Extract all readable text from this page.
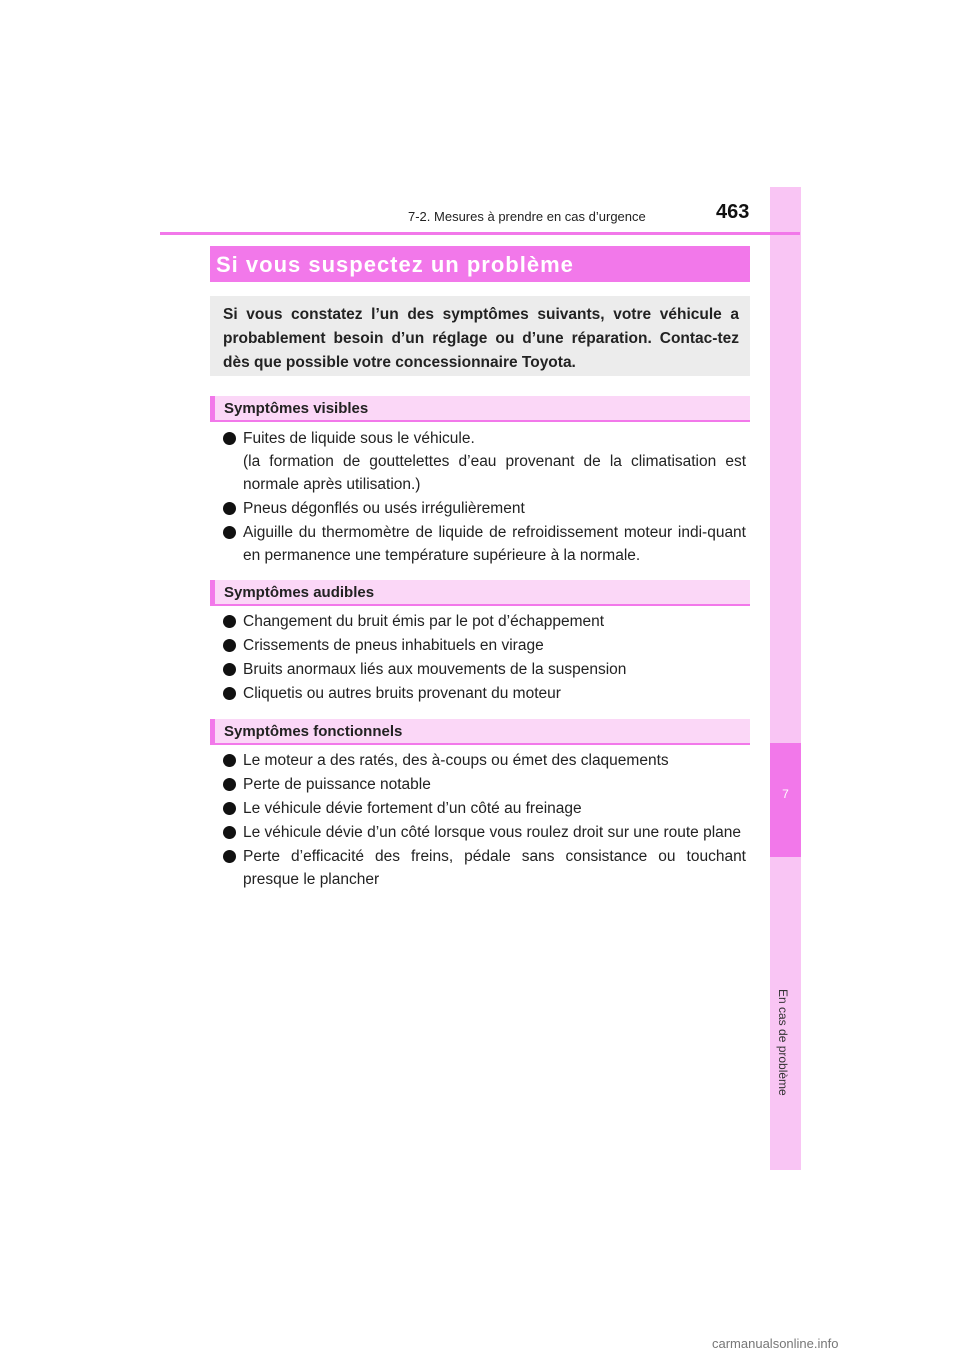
7
En cas de problème
7-2. Mesures à prendre en cas d’urgence	463
Si vous suspectez un problème

Si vous constatez l’un des symptômes suivants, votre véhicule a probablement besoin d’un réglage ou d’une réparation. Contac-tez dès que possible votre concessionnaire Toyota.

Symptômes visibles
Fuites de liquide sous le véhicule.
(la formation de gouttelettes d’eau provenant de la climatisation est normale après utilisation.)
Pneus dégonflés ou usés irrégulièrement
Aiguille du thermomètre de liquide de refroidissement moteur indi-quant en permanence une température supérieure à la normale.
Symptômes audibles
Changement du bruit émis par le pot d’échappement
Crissements de pneus inhabituels en virage
Bruits anormaux liés aux mouvements de la suspension
Cliquetis ou autres bruits provenant du moteur
Symptômes fonctionnels
Le moteur a des ratés, des à-coups ou émet des claquements
Perte de puissance notable
Le véhicule dévie fortement d’un côté au freinage
Le véhicule dévie d’un côté lorsque vous roulez droit sur une route plane
Perte d’efficacité des freins, pédale sans consistance ou touchant presque le plancher
carmanualsonline.info
